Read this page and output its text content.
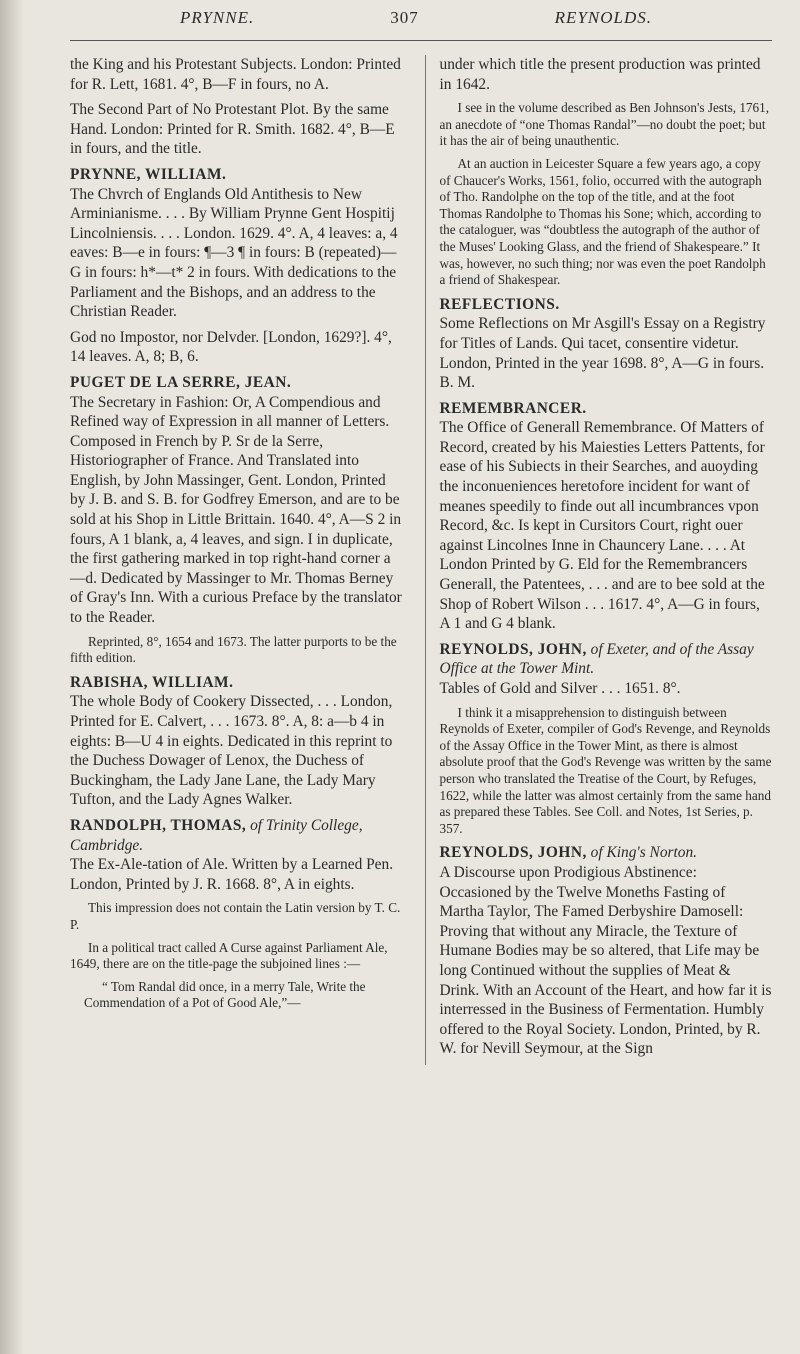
PRYNNE.	307	REYNOLDS.

the King and his Protestant Subjects. London: Printed for R. Lett, 1681. 4°, B—F in fours, no A.

The Second Part of No Protestant Plot. By the same Hand. London: Printed for R. Smith. 1682. 4°, B—E in fours, and the title.

PRYNNE, WILLIAM.
The Chvrch of Englands Old Antithesis to New Arminianisme. . . . By William Prynne Gent Hospitij Lincolniensis. . . . London. 1629. 4°. A, 4 leaves: a, 4 eaves: B—e in fours: ¶—3 ¶ in fours: B (repeated)—G in fours: h*—t* 2 in fours. With dedications to the Parliament and the Bishops, and an address to the Christian Reader.

God no Impostor, nor Delvder. [London, 1629?]. 4°, 14 leaves. A, 8; B, 6.

PUGET DE LA SERRE, JEAN.
The Secretary in Fashion: Or, A Compendious and Refined way of Expression in all manner of Letters. Composed in French by P. Sr de la Serre, Historiographer of France. And Translated into English, by John Massinger, Gent. London, Printed by J. B. and S. B. for Godfrey Emerson, and are to be sold at his Shop in Little Brittain. 1640. 4°, A—S 2 in fours, A 1 blank, a, 4 leaves, and sign. I in duplicate, the first gathering marked in top right-hand corner a—d. Dedicated by Massinger to Mr. Thomas Berney of Gray's Inn. With a curious Preface by the translator to the Reader.

Reprinted, 8°, 1654 and 1673. The latter purports to be the fifth edition.

RABISHA, WILLIAM.
The whole Body of Cookery Dissected, . . . London, Printed for E. Calvert, . . . 1673. 8°. A, 8: a—b 4 in eights: B—U 4 in eights. Dedicated in this reprint to the Duchess Dowager of Lenox, the Duchess of Buckingham, the Lady Jane Lane, the Lady Mary Tufton, and the Lady Agnes Walker.

RANDOLPH, THOMAS, of Trinity College, Cambridge.
The Ex-Ale-tation of Ale. Written by a Learned Pen. London, Printed by J. R. 1668. 8°, A in eights.

This impression does not contain the Latin version by T. C. P.

In a political tract called A Curse against Parliament Ale, 1649, there are on the title-page the subjoined lines :—

“ Tom Randal did once, in a merry Tale, Write the Commendation of a Pot of Good Ale,”—

under which title the present production was printed in 1642.

I see in the volume described as Ben Johnson's Jests, 1761, an anecdote of “one Thomas Randal”—no doubt the poet; but it has the air of being unauthentic.

At an auction in Leicester Square a few years ago, a copy of Chaucer's Works, 1561, folio, occurred with the autograph of Tho. Randolphe on the top of the title, and at the foot Thomas Randolphe to Thomas his Sone; which, according to the cataloguer, was “doubtless the autograph of the author of the Muses' Looking Glass, and the friend of Shakespeare.” It was, however, no such thing; nor was even the poet Randolph a friend of Shakespear.

REFLECTIONS.
Some Reflections on Mr Asgill's Essay on a Registry for Titles of Lands. Qui tacet, consentire videtur. London, Printed in the year 1698. 8°, A—G in fours. B. M.

REMEMBRANCER.
The Office of Generall Remembrance. Of Matters of Record, created by his Maiesties Letters Pattents, for ease of his Subiects in their Searches, and auoyding the inconueniences heretofore incident for want of meanes speedily to finde out all incumbrances vpon Record, &c. Is kept in Cursitors Court, right ouer against Lincolnes Inne in Chauncery Lane. . . . At London Printed by G. Eld for the Remembrancers Generall, the Patentees, . . . and are to bee sold at the Shop of Robert Wilson . . . 1617. 4°, A—G in fours, A 1 and G 4 blank.

REYNOLDS, JOHN, of Exeter, and of the Assay Office at the Tower Mint.
Tables of Gold and Silver . . . 1651. 8°.

I think it a misapprehension to distinguish between Reynolds of Exeter, compiler of God's Revenge, and Reynolds of the Assay Office in the Tower Mint, as there is almost absolute proof that the God's Revenge was written by the same person who translated the Treatise of the Court, by Refuges, 1622, while the latter was almost certainly from the same hand as prepared these Tables. See Coll. and Notes, 1st Series, p. 357.

REYNOLDS, JOHN, of King's Norton.
A Discourse upon Prodigious Abstinence: Occasioned by the Twelve Moneths Fasting of Martha Taylor, The Famed Derbyshire Damosell: Proving that without any Miracle, the Texture of Humane Bodies may be so altered, that Life may be long Continued without the supplies of Meat & Drink. With an Account of the Heart, and how far it is interressed in the Business of Fermentation. Humbly offered to the Royal Society. London, Printed, by R. W. for Nevill Seymour, at the Sign
